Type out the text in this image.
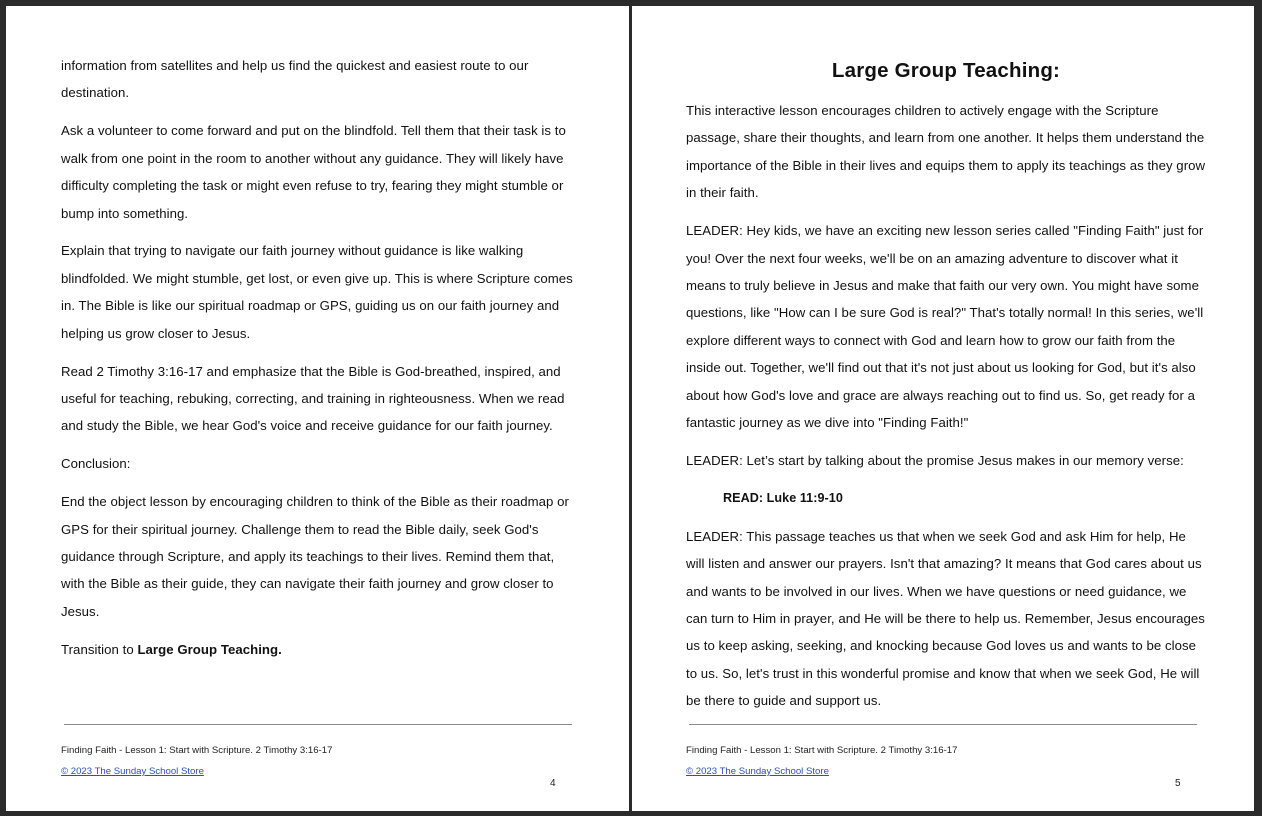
information from satellites and help us find the quickest and easiest route to our destination.

Ask a volunteer to come forward and put on the blindfold. Tell them that their task is to walk from one point in the room to another without any guidance. They will likely have difficulty completing the task or might even refuse to try, fearing they might stumble or bump into something.

Explain that trying to navigate our faith journey without guidance is like walking blindfolded. We might stumble, get lost, or even give up. This is where Scripture comes in. The Bible is like our spiritual roadmap or GPS, guiding us on our faith journey and helping us grow closer to Jesus.

Read 2 Timothy 3:16-17 and emphasize that the Bible is God-breathed, inspired, and useful for teaching, rebuking, correcting, and training in righteousness. When we read and study the Bible, we hear God's voice and receive guidance for our faith journey.

Conclusion:

End the object lesson by encouraging children to think of the Bible as their roadmap or GPS for their spiritual journey. Challenge them to read the Bible daily, seek God's guidance through Scripture, and apply its teachings to their lives. Remind them that, with the Bible as their guide, they can navigate their faith journey and grow closer to Jesus.

Transition to Large Group Teaching.

Finding Faith - Lesson 1: Start with Scripture. 2 Timothy 3:16-17
© 2023 The Sunday School Store
4
Large Group Teaching:

This interactive lesson encourages children to actively engage with the Scripture passage, share their thoughts, and learn from one another. It helps them understand the importance of the Bible in their lives and equips them to apply its teachings as they grow in their faith.

LEADER: Hey kids, we have an exciting new lesson series called "Finding Faith" just for you! Over the next four weeks, we'll be on an amazing adventure to discover what it means to truly believe in Jesus and make that faith our very own. You might have some questions, like "How can I be sure God is real?" That's totally normal! In this series, we'll explore different ways to connect with God and learn how to grow our faith from the inside out. Together, we'll find out that it's not just about us looking for God, but it's also about how God's love and grace are always reaching out to find us. So, get ready for a fantastic journey as we dive into "Finding Faith!"

LEADER: Let’s start by talking about the promise Jesus makes in our memory verse:

READ: Luke 11:9-10

LEADER: This passage teaches us that when we seek God and ask Him for help, He will listen and answer our prayers. Isn't that amazing? It means that God cares about us and wants to be involved in our lives. When we have questions or need guidance, we can turn to Him in prayer, and He will be there to help us. Remember, Jesus encourages us to keep asking, seeking, and knocking because God loves us and wants to be close to us. So, let's trust in this wonderful promise and know that when we seek God, He will be there to guide and support us.

Finding Faith - Lesson 1: Start with Scripture. 2 Timothy 3:16-17
© 2023 The Sunday School Store
5
